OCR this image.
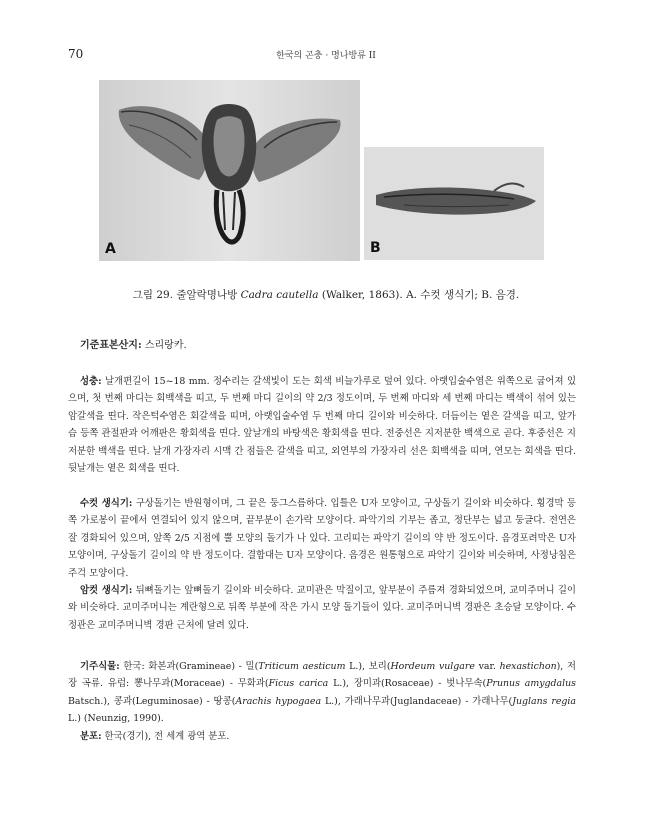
70	한국의 곤충 · 명나방류 II
A	B
그림 29. 줄알락명나방 Cadra cautella (Walker, 1863). A. 수컷 생식기; B. 음경.
기준표본산지: 스리랑카.

성충: 날개편길이 15~18 mm. 정수리는 갈색빛이 도는 회색 비늘가루로 덮여 있다. 아랫입술수염은 위쪽으로 굽어져 있으며, 첫 번째 마디는 회백색을 띠고, 두 번째 마디 길이의 약 2/3 정도이며, 두 번째 마디와 세 번째 마디는 백색이 섞여 있는 암갈색을 띤다. 작은턱수염은 회갈색을 띠며, 아랫입술수염 두 번째 마디 길이와 비슷하다. 더듬이는 옅은 갈색을 띠고, 앞가슴 등쪽 관절판과 어깨판은 황회색을 띤다. 앞날개의 바탕색은 황회색을 띤다. 전중선은 지저분한 백색으로 곧다. 후중선은 지저분한 백색을 띤다. 날개 가장자리 시맥 간 점들은 갈색을 띠고, 외연부의 가장자리 선은 회백색을 띠며, 연모는 회색을 띤다. 뒷날개는 옅은 회색을 띤다.

수컷 생식기: 구상돌기는 반원형이며, 그 끝은 둥그스름하다. 입틀은 U자 모양이고, 구상돌기 길이와 비슷하다. 횡경막 등쪽 가로봉이 끝에서 연결되어 있지 않으며, 끝부분이 손가락 모양이다. 파악기의 기부는 좁고, 정단부는 넓고 둥글다. 전연은 잘 경화되어 있으며, 앞쪽 2/5 지점에 뿔 모양의 돌기가 나 있다. 고리띠는 파악기 길이의 약 반 정도이다. 음경포려막은 U자 모양이며, 구상돌기 길이의 약 반 정도이다. 결합대는 U자 모양이다. 음경은 원통형으로 파악기 길이와 비슷하며, 사정낭침은 주걱 모양이다.

암컷 생식기: 뒤뼈돌기는 앞뼈돌기 길이와 비슷하다. 교미관은 막질이고, 앞부분이 주름져 경화되었으며, 교미주머니 길이와 비슷하다. 교미주머니는 계란형으로 뒤쪽 부분에 작은 가시 모양 돌기들이 있다. 교미주머니벽 경판은 초승달 모양이다. 수정관은 교미주머니벽 경판 근처에 달려 있다.

기주식물: 한국: 화본과(Gramineae) - 밀(Triticum aesticum L.), 보리(Hordeum vulgare var. hexastichon), 저장 곡류. 유럽: 뽕나무과(Moraceae) - 무화과(Ficus carica L.), 장미과(Rosaceae) - 벚나무속(Prunus amygdalus Batsch.), 콩과(Leguminosae) - 땅콩(Arachis hypogaea L.), 가래나무과(Juglandaceae) - 가래나무(Juglans regia L.) (Neunzig, 1990).

분포: 한국(경기), 전 세계 광역 분포.
